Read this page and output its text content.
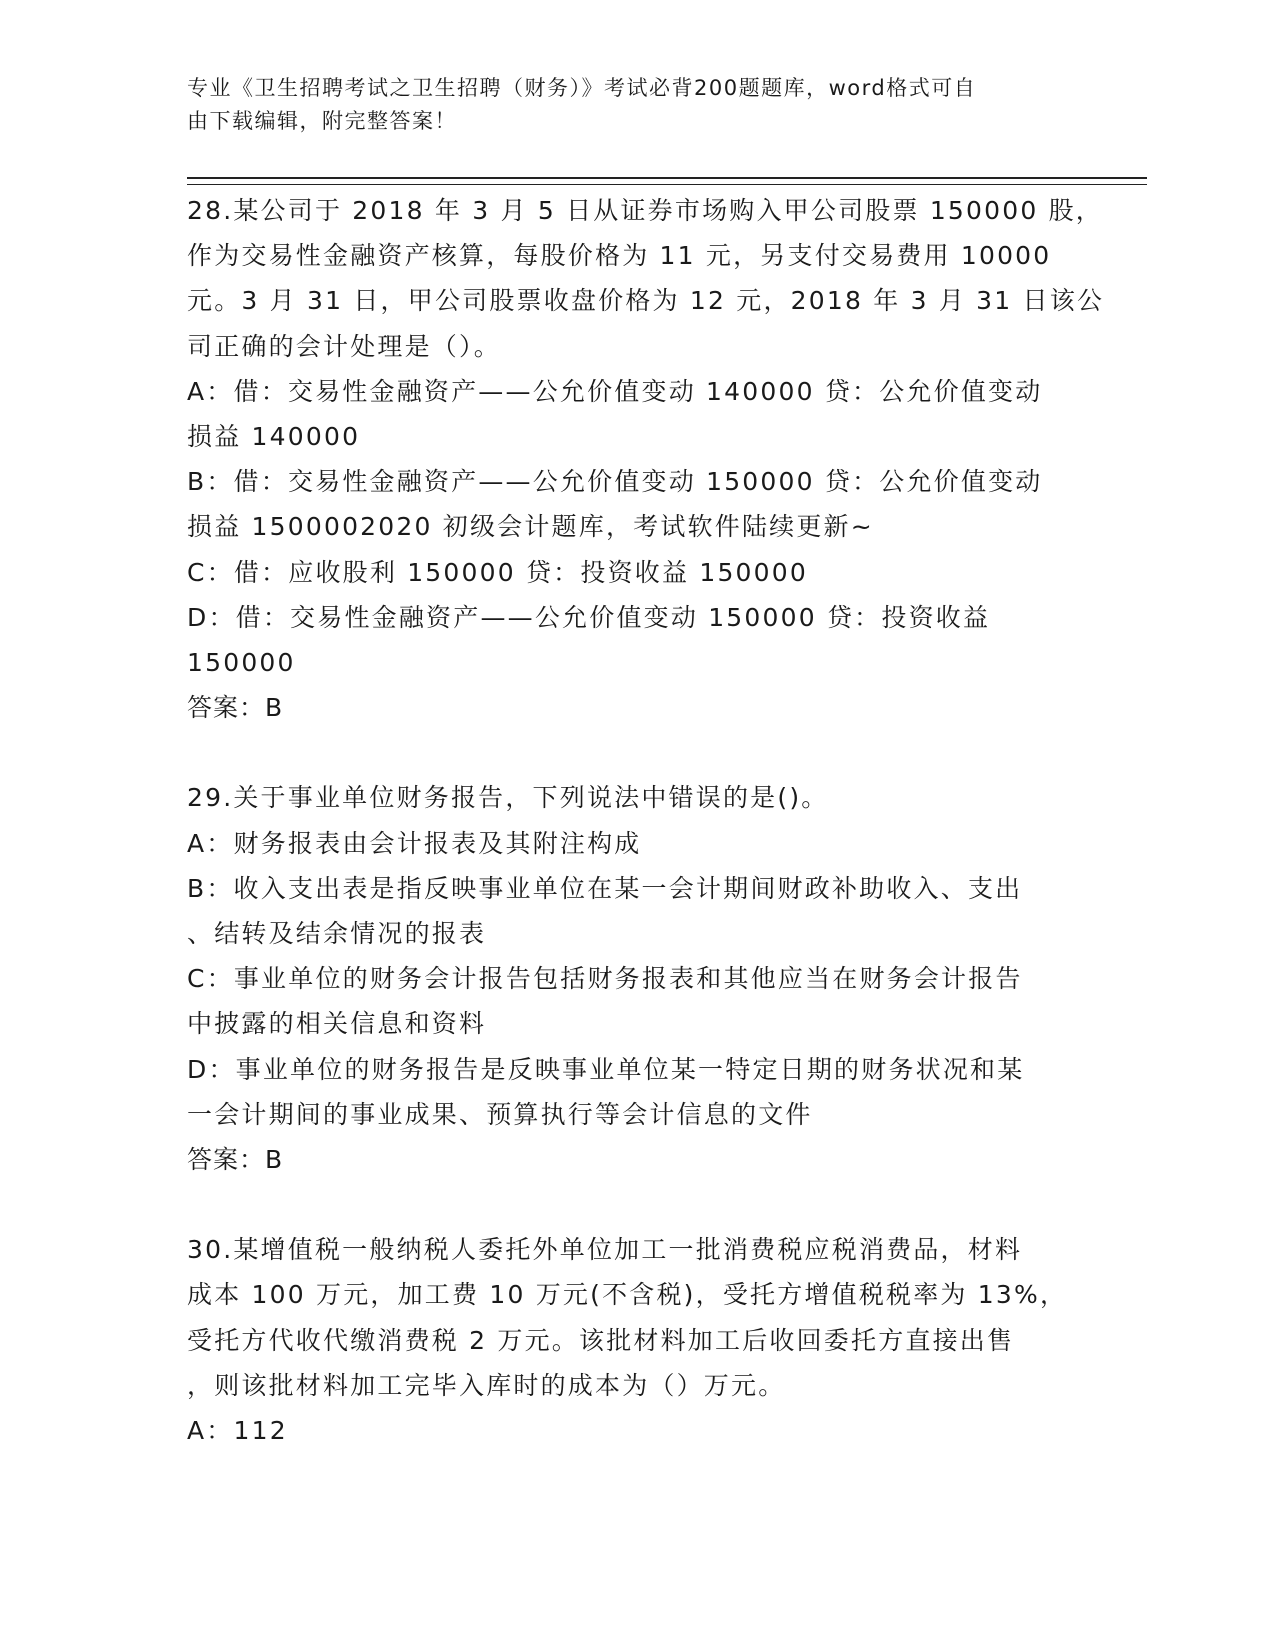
专业《卫生招聘考试之卫生招聘（财务）》考试必背200题题库，word格式可自
由下载编辑，附完整答案！
28.某公司于 2018 年 3 月 5 日从证券市场购入甲公司股票 150000 股，
作为交易性金融资产核算，每股价格为 11 元，另支付交易费用 10000
元。3 月 31 日，甲公司股票收盘价格为 12 元，2018 年 3 月 31 日该公
司正确的会计处理是（）。
A：借：交易性金融资产——公允价值变动 140000 贷：公允价值变动
损益 140000
B：借：交易性金融资产——公允价值变动 150000 贷：公允价值变动
损益 1500002020 初级会计题库，考试软件陆续更新~
C：借：应收股利 150000 贷：投资收益 150000
D：借：交易性金融资产——公允价值变动 150000 贷：投资收益
150000
答案：B
29.关于事业单位财务报告，下列说法中错误的是()。
A：财务报表由会计报表及其附注构成
B：收入支出表是指反映事业单位在某一会计期间财政补助收入、支出
、结转及结余情况的报表
C：事业单位的财务会计报告包括财务报表和其他应当在财务会计报告
中披露的相关信息和资料
D：事业单位的财务报告是反映事业单位某一特定日期的财务状况和某
一会计期间的事业成果、预算执行等会计信息的文件
答案：B
30.某增值税一般纳税人委托外单位加工一批消费税应税消费品，材料
成本 100 万元，加工费 10 万元(不含税)，受托方增值税税率为 13%，
受托方代收代缴消费税 2 万元。该批材料加工后收回委托方直接出售
，则该批材料加工完毕入库时的成本为（）万元。
A：112
